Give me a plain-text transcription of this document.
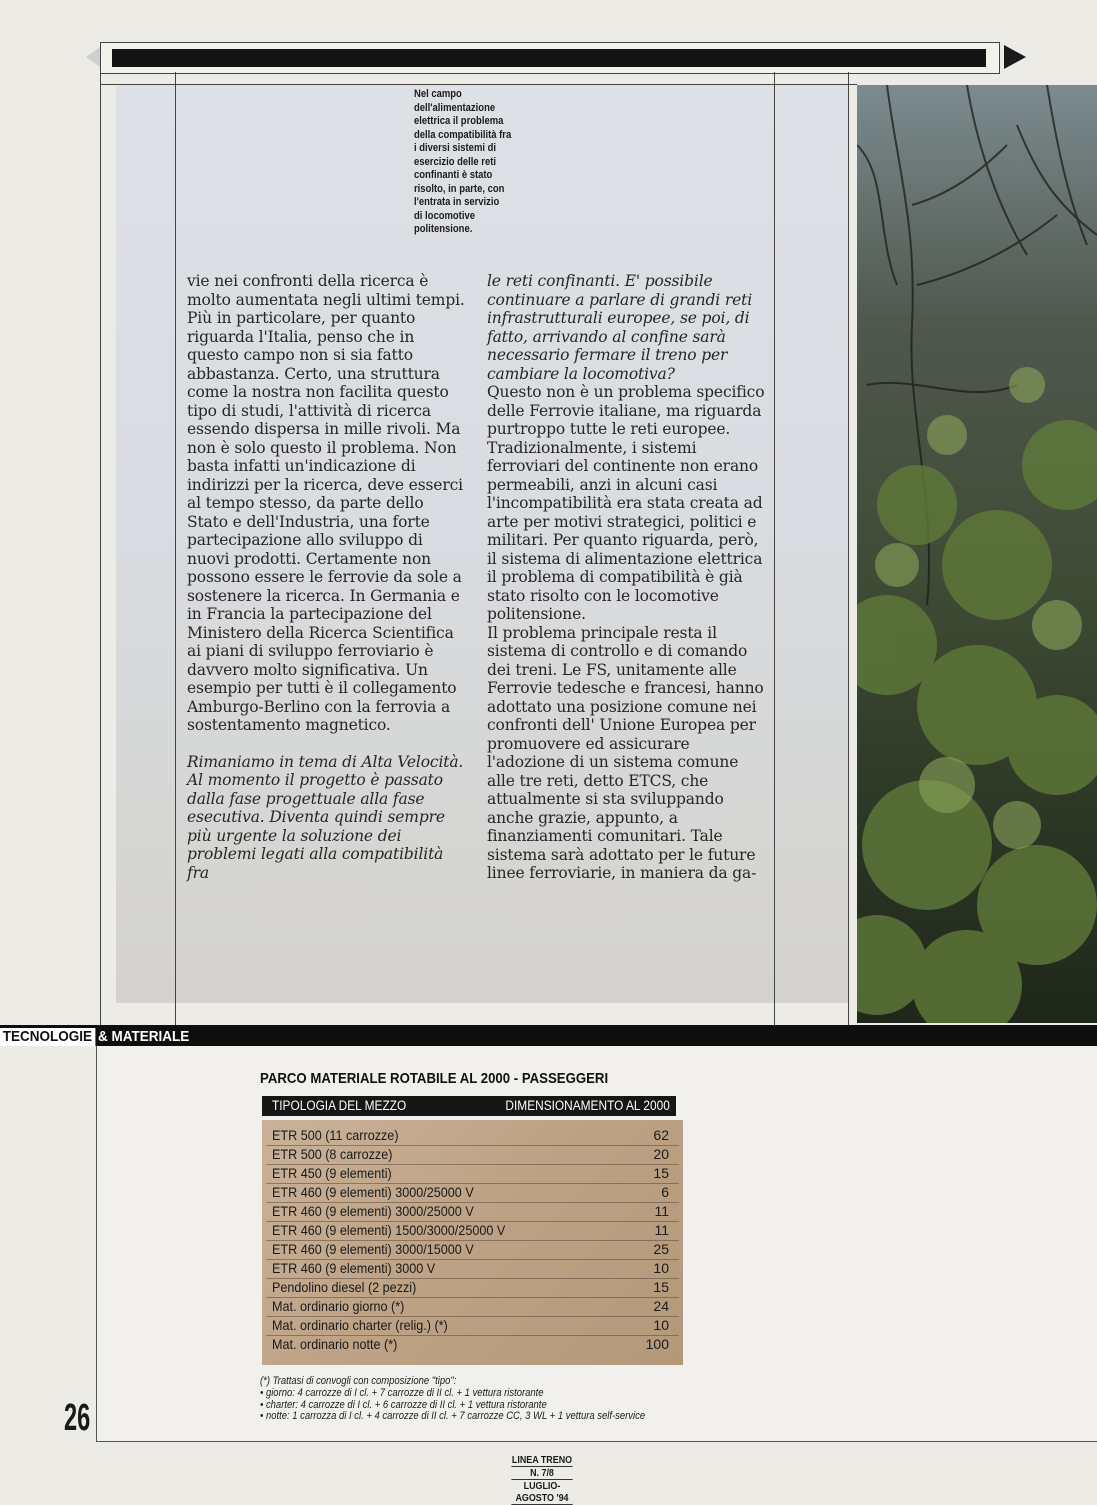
Nel campo

dell'alimentazione

elettrica il problema

della compatibilità fra

i diversi sistemi di

esercizio delle reti

confinanti è stato

risolto, in parte, con

l'entrata in servizio

di locomotive

politensione.

vie nei confronti della ricerca è molto aumentata negli ultimi tempi. Più in particolare, per quanto riguarda l'Italia, penso che in questo campo non si sia fatto abbastanza. Certo, una struttura come la nostra non facilita questo tipo di studi, l'attività di ricerca essendo dispersa in mille rivoli. Ma non è solo questo il problema. Non basta infatti un'indicazione di indirizzi per la ricerca, deve esserci al tempo stesso, da parte dello Stato e dell'Industria, una forte partecipazione allo sviluppo di nuovi prodotti. Certamente non possono essere le ferrovie da sole a sostenere la ricerca. In Germania e in Francia la partecipazione del Ministero della Ricerca Scientifica ai piani di sviluppo ferroviario è davvero molto significativa. Un esempio per tutti è il collegamento Amburgo-Berlino con la ferrovia a sostentamento magnetico.

Rimaniamo in tema di Alta Velocità. Al momento il progetto è passato dalla fase progettuale alla fase esecutiva. Diventa quindi sempre più urgente la soluzione dei problemi legati alla compatibilità fra

le reti confinanti. E' possibile continuare a parlare di grandi reti infrastrutturali europee, se poi, di fatto, arrivando al confine sarà necessario fermare il treno per cambiare la locomotiva?

Questo non è un problema specifico delle Ferrovie italiane, ma riguarda purtroppo tutte le reti europee. Tradizionalmente, i sistemi ferroviari del continente non erano permeabili, anzi in alcuni casi l'incompatibilità era stata creata ad arte per motivi strategici, politici e militari. Per quanto riguarda, però, il sistema di alimentazione elettrica il problema di compatibilità è già stato risolto con le locomotive politensione.

Il problema principale resta il sistema di controllo e di comando dei treni. Le FS, unitamente alle Ferrovie tedesche e francesi, hanno adottato una posizione comune nei confronti dell' Unione Europea per promuovere ed assicurare l'adozione di un sistema comune alle tre reti, detto ETCS, che attualmente si sta sviluppando anche grazie, appunto, a finanziamenti comunitari. Tale sistema sarà adottato per le future linee ferroviarie, in maniera da ga-

TECNOLOGIE & MATERIALE
PARCO MATERIALE ROTABILE AL 2000 - PASSEGGERI
TIPOLOGIA DEL MEZZO	DIMENSIONAMENTO AL 2000
ETR 500 (11 carrozze)	62
ETR 500 (8 carrozze)	20
ETR 450 (9 elementi)	15
ETR 460 (9 elementi) 3000/25000 V	6
ETR 460 (9 elementi) 3000/25000 V	11
ETR 460 (9 elementi) 1500/3000/25000 V	11
ETR 460 (9 elementi) 3000/15000 V	25
ETR 460 (9 elementi) 3000 V	10
Pendolino diesel (2 pezzi)	15
Mat. ordinario giorno (*)	24
Mat. ordinario charter (relig.) (*)	10
Mat. ordinario notte (*)	100

(*) Trattasi di convogli con composizione "tipo":

• giorno: 4 carrozze di I cl. + 7 carrozze di II cl. + 1 vettura ristorante

• charter: 4 carrozze di I cl. + 6 carrozze di II cl. + 1 vettura ristorante

• notte: 1 carrozza di I cl. + 4 carrozze di II cl. + 7 carrozze CC, 3 WL + 1 vettura self-service

26
LINEA TRENO
N. 7/8
LUGLIO-AGOSTO '94
